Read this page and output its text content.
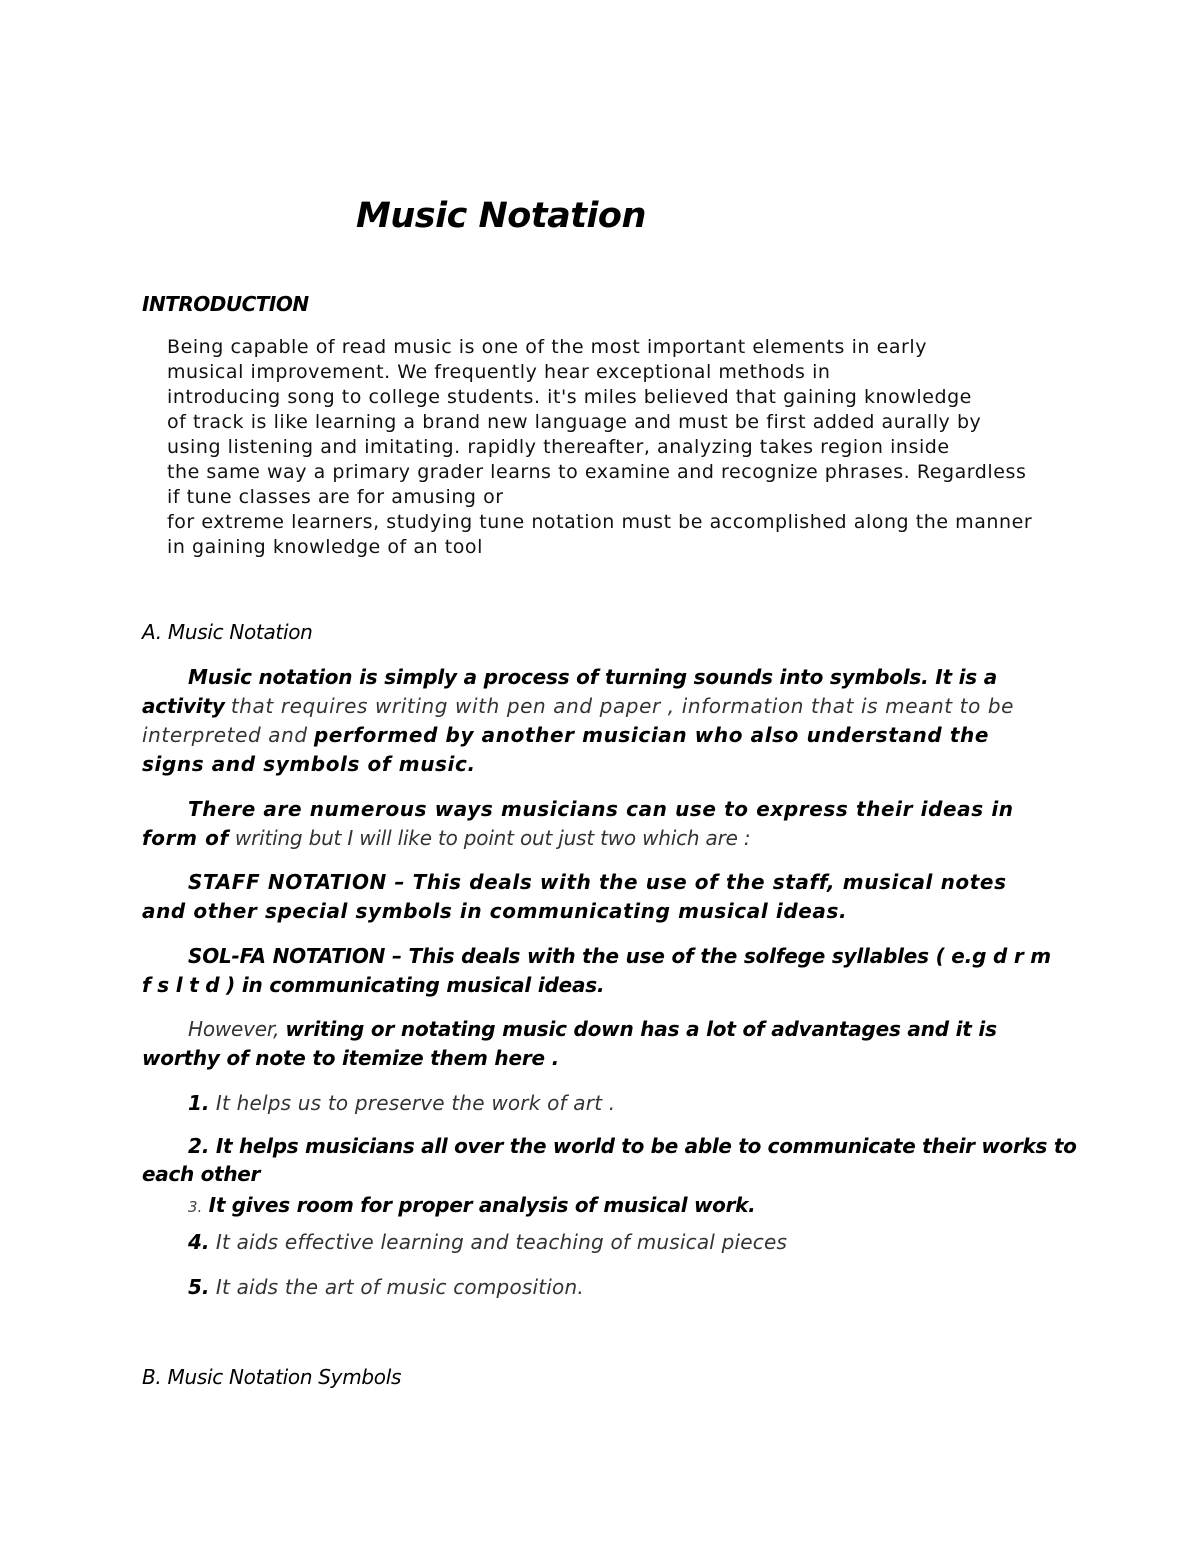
Music Notation
INTRODUCTION
Being capable of read music is one of the most important elements in early
musical improvement. We frequently hear exceptional methods in
introducing song to college students. it's miles believed that gaining knowledge
of track is like learning a brand new language and must be first added aurally by
using listening and imitating. rapidly thereafter, analyzing takes region inside
the same way a primary grader learns to examine and recognize phrases. Regardless
if tune classes are for amusing or
for extreme learners, studying tune notation must be accomplished along the manner
in gaining knowledge of an tool
A. Music Notation
Music notation is simply a process of turning sounds into symbols. It is a activity that requires writing with pen and paper , information that is meant to be interpreted and performed by another musician who also understand the signs and symbols of music.
There are numerous ways musicians can use to express their ideas in form of writing but I will like to point out just two which are :
STAFF NOTATION – This deals with the use of the staff, musical notes and other special symbols in communicating musical ideas.
SOL-FA NOTATION – This deals with the use of the solfege syllables ( e.g d r m f s l t d ) in communicating musical ideas.
However, writing or notating music down has a lot of advantages and it is worthy of note to itemize them here .
1. It helps us to preserve the work of art .
2. It helps musicians all over the world to be able to communicate their works to
each other
3. It gives room for proper analysis of musical work.
4. It aids effective learning and teaching of musical pieces
5. It aids the art of music composition.
B. Music Notation Symbols
